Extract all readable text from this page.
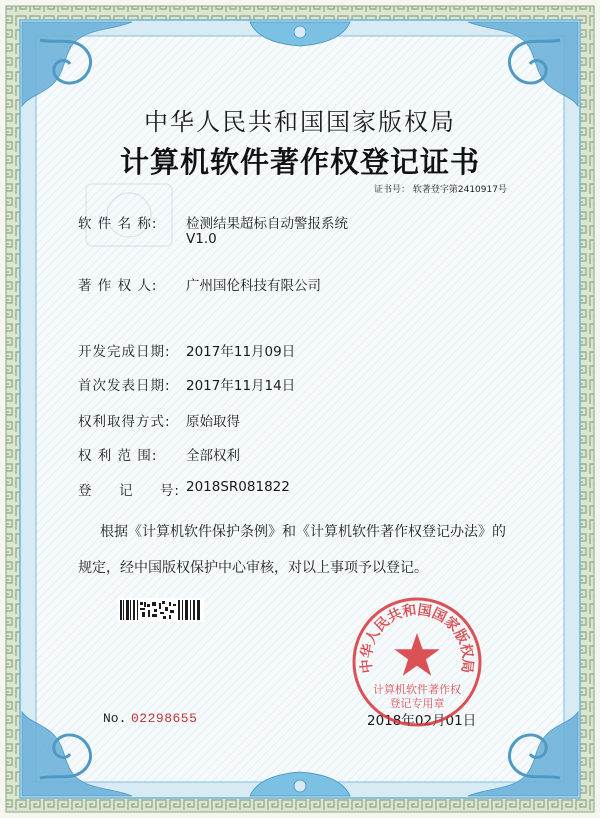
中华人民共和国国家版权局
计算机软件著作权登记证书
证书号： 软著登字第2410917号
软 件 名 称: 检测结果超标自动警报系统
V1.0
著 作 权 人: 广州国伦科技有限公司
开发完成日期: 2017年11月09日
首次发表日期: 2017年11月14日
权利取得方式: 原始取得
权 利 范 围: 全部权利
登     记     号: 2018SR081822
根据《计算机软件保护条例》和《计算机软件著作权登记办法》的
规定，经中国版权保护中心审核，对以上事项予以登记。
No. 02298655	2018年02月01日
中华人民共和国国家版权局
计算机软件著作权
登记专用章
